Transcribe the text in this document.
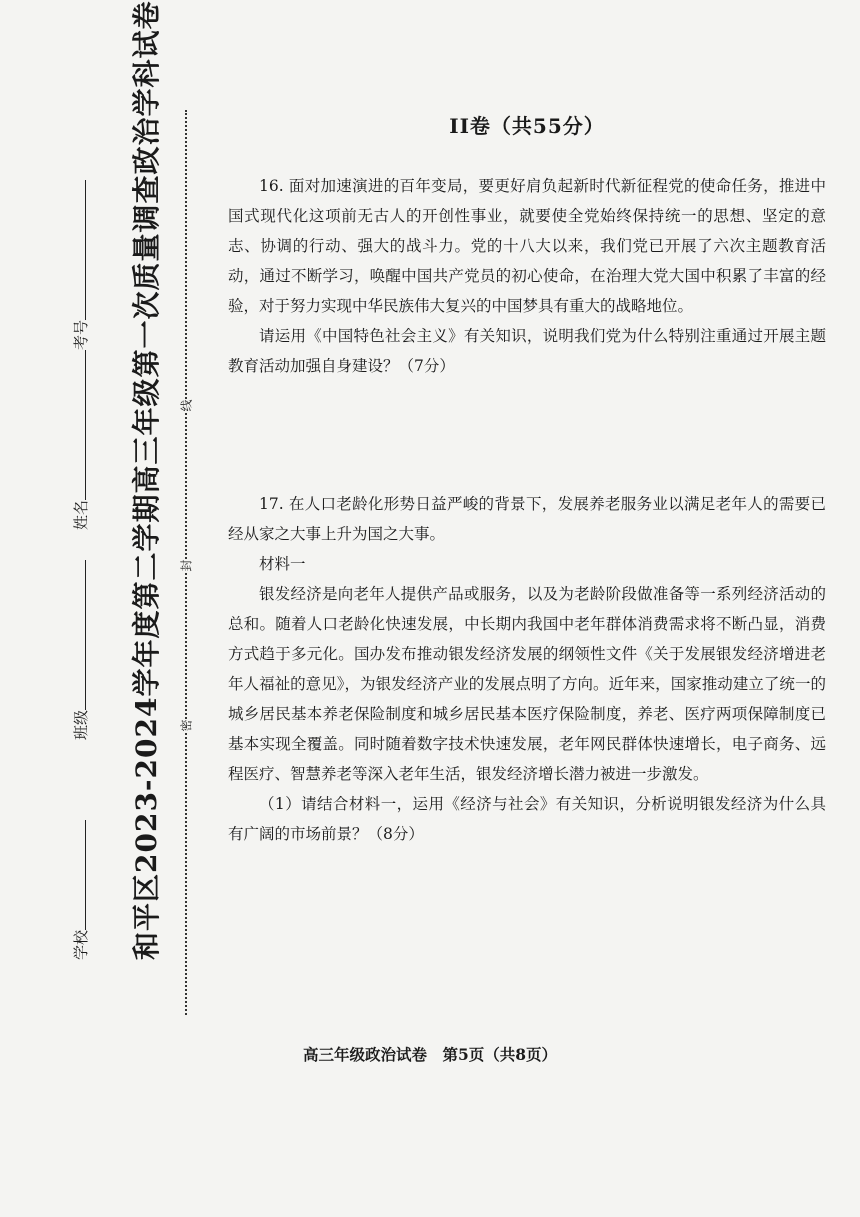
和平区2023-2024学年度第二学期高三年级第一次质量调查政治学科试卷
学校
班级
姓名
考号
密
封
线
II卷（共55分）

16. 面对加速演进的百年变局，要更好肩负起新时代新征程党的使命任务，推进中国式现代化这项前无古人的开创性事业，就要使全党始终保持统一的思想、坚定的意志、协调的行动、强大的战斗力。党的十八大以来，我们党已开展了六次主题教育活动，通过不断学习，唤醒中国共产党员的初心使命，在治理大党大国中积累了丰富的经验，对于努力实现中华民族伟大复兴的中国梦具有重大的战略地位。

请运用《中国特色社会主义》有关知识，说明我们党为什么特别注重通过开展主题教育活动加强自身建设？（7分）

17. 在人口老龄化形势日益严峻的背景下，发展养老服务业以满足老年人的需要已经从家之大事上升为国之大事。

材料一

银发经济是向老年人提供产品或服务，以及为老龄阶段做准备等一系列经济活动的总和。随着人口老龄化快速发展，中长期内我国中老年群体消费需求将不断凸显，消费方式趋于多元化。国办发布推动银发经济发展的纲领性文件《关于发展银发经济增进老年人福祉的意见》，为银发经济产业的发展点明了方向。近年来，国家推动建立了统一的城乡居民基本养老保险制度和城乡居民基本医疗保险制度，养老、医疗两项保障制度已基本实现全覆盖。同时随着数字技术快速发展，老年网民群体快速增长，电子商务、远程医疗、智慧养老等深入老年生活，银发经济增长潜力被进一步激发。

（1）请结合材料一，运用《经济与社会》有关知识，分析说明银发经济为什么具有广阔的市场前景？（8分）

高三年级政治试卷　第5页（共8页）
